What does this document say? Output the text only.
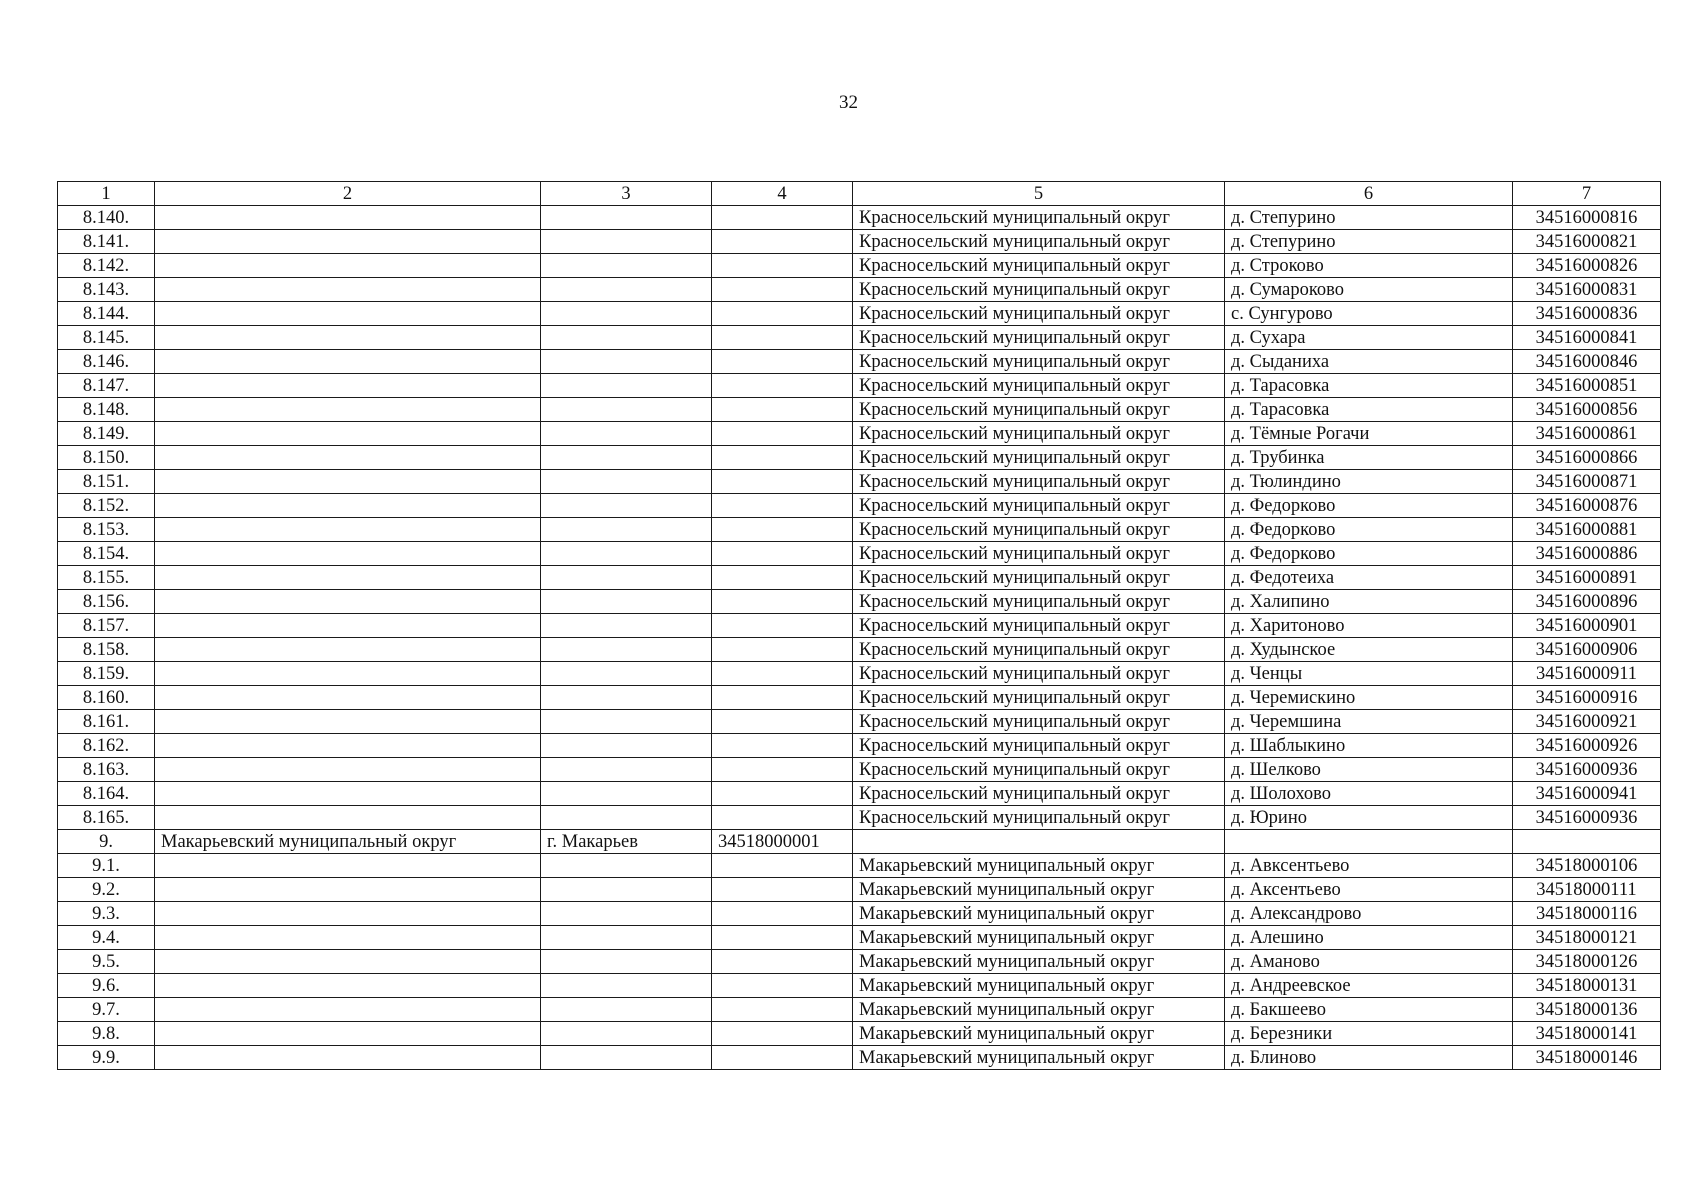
32
1	2	3	4	5	6	7
8.140.				Красносельский муниципальный округ	д. Степурино	34516000816
8.141.				Красносельский муниципальный округ	д. Степурино	34516000821
8.142.				Красносельский муниципальный округ	д. Строково	34516000826
8.143.				Красносельский муниципальный округ	д. Сумароково	34516000831
8.144.				Красносельский муниципальный округ	с. Сунгурово	34516000836
8.145.				Красносельский муниципальный округ	д. Сухара	34516000841
8.146.				Красносельский муниципальный округ	д. Сыданиха	34516000846
8.147.				Красносельский муниципальный округ	д. Тарасовка	34516000851
8.148.				Красносельский муниципальный округ	д. Тарасовка	34516000856
8.149.				Красносельский муниципальный округ	д. Тёмные Рогачи	34516000861
8.150.				Красносельский муниципальный округ	д. Трубинка	34516000866
8.151.				Красносельский муниципальный округ	д. Тюлиндино	34516000871
8.152.				Красносельский муниципальный округ	д. Федорково	34516000876
8.153.				Красносельский муниципальный округ	д. Федорково	34516000881
8.154.				Красносельский муниципальный округ	д. Федорково	34516000886
8.155.				Красносельский муниципальный округ	д. Федотеиха	34516000891
8.156.				Красносельский муниципальный округ	д. Халипино	34516000896
8.157.				Красносельский муниципальный округ	д. Харитоново	34516000901
8.158.				Красносельский муниципальный округ	д. Худынское	34516000906
8.159.				Красносельский муниципальный округ	д. Ченцы	34516000911
8.160.				Красносельский муниципальный округ	д. Черемискино	34516000916
8.161.				Красносельский муниципальный округ	д. Черемшина	34516000921
8.162.				Красносельский муниципальный округ	д. Шаблыкино	34516000926
8.163.				Красносельский муниципальный округ	д. Шелково	34516000936
8.164.				Красносельский муниципальный округ	д. Шолохово	34516000941
8.165.				Красносельский муниципальный округ	д. Юрино	34516000936
9.	Макарьевский муниципальный округ	г. Макарьев	34518000001			
9.1.				Макарьевский муниципальный округ	д. Авксентьево	34518000106
9.2.				Макарьевский муниципальный округ	д. Аксентьево	34518000111
9.3.				Макарьевский муниципальный округ	д. Александрово	34518000116
9.4.				Макарьевский муниципальный округ	д. Алешино	34518000121
9.5.				Макарьевский муниципальный округ	д. Аманово	34518000126
9.6.				Макарьевский муниципальный округ	д. Андреевское	34518000131
9.7.				Макарьевский муниципальный округ	д. Бакшеево	34518000136
9.8.				Макарьевский муниципальный округ	д. Березники	34518000141
9.9.				Макарьевский муниципальный округ	д. Блиново	34518000146
